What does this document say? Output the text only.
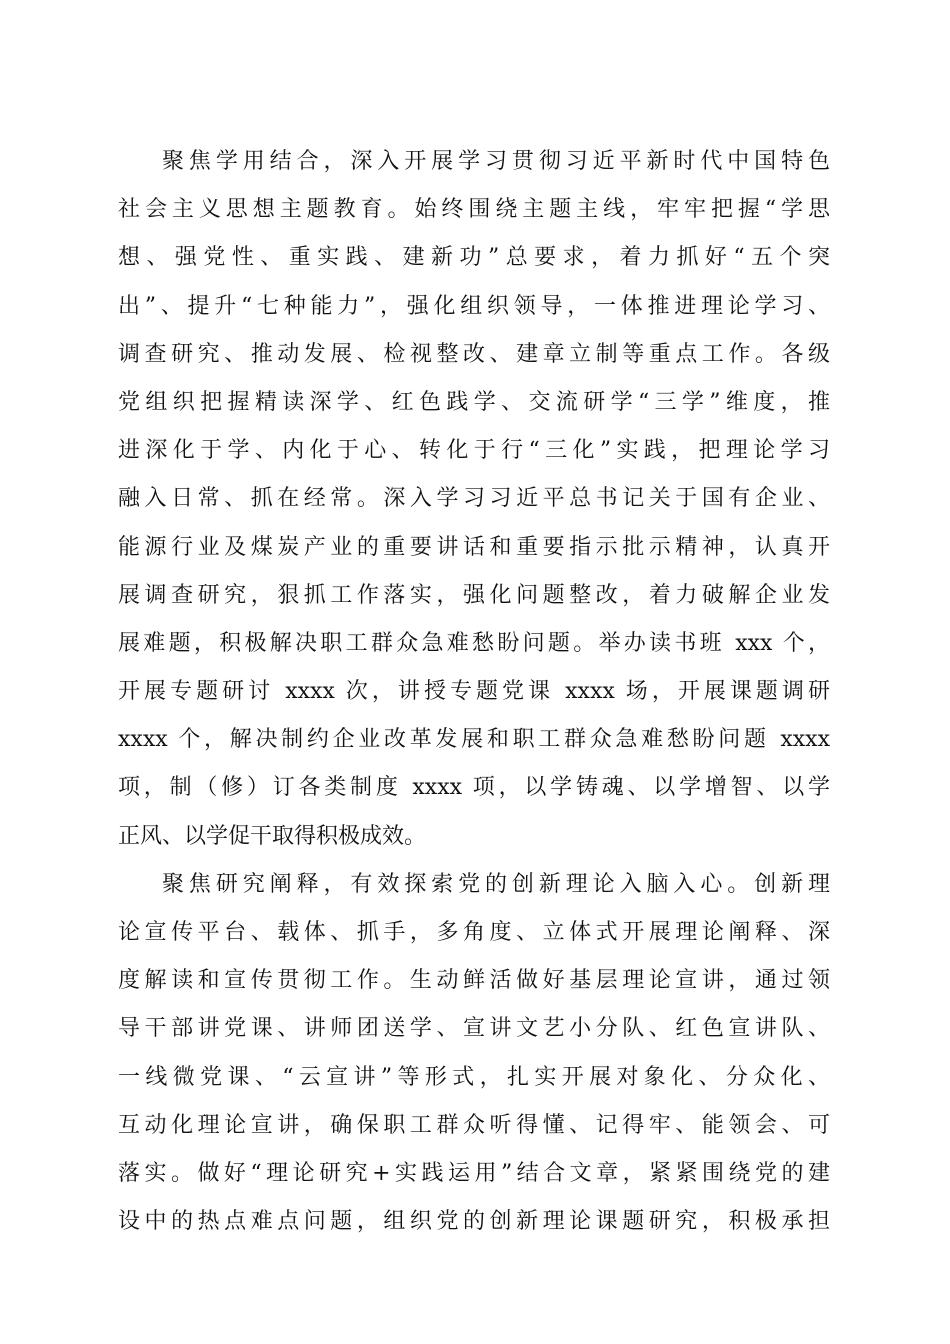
聚焦学用结合，深入开展学习贯彻习近平新时代中国特色
社会主义思想主题教育。始终围绕主题主线，牢牢把握“学思
想、强党性、重实践、建新功”总要求，着力抓好“五个突
出”、提升“七种能力”，强化组织领导，一体推进理论学习、
调查研究、推动发展、检视整改、建章立制等重点工作。各级
党组织把握精读深学、红色践学、交流研学“三学”维度，推
进深化于学、内化于心、转化于行“三化”实践，把理论学习
融入日常、抓在经常。深入学习习近平总书记关于国有企业、
能源行业及煤炭产业的重要讲话和重要指示批示精神，认真开
展调查研究，狠抓工作落实，强化问题整改，着力破解企业发
展难题，积极解决职工群众急难愁盼问题。举办读书班 xxx 个，
开展专题研讨 xxxx 次，讲授专题党课 xxxx 场，开展课题调研
xxxx 个，解决制约企业改革发展和职工群众急难愁盼问题 xxxx
项，制（修）订各类制度 xxxx 项，以学铸魂、以学增智、以学
正风、以学促干取得积极成效。
聚焦研究阐释，有效探索党的创新理论入脑入心。创新理
论宣传平台、载体、抓手，多角度、立体式开展理论阐释、深
度解读和宣传贯彻工作。生动鲜活做好基层理论宣讲，通过领
导干部讲党课、讲师团送学、宣讲文艺小分队、红色宣讲队、
一线微党课、“云宣讲”等形式，扎实开展对象化、分众化、
互动化理论宣讲，确保职工群众听得懂、记得牢、能领会、可
落实。做好“理论研究+实践运用”结合文章，紧紧围绕党的建
设中的热点难点问题，组织党的创新理论课题研究，积极承担
